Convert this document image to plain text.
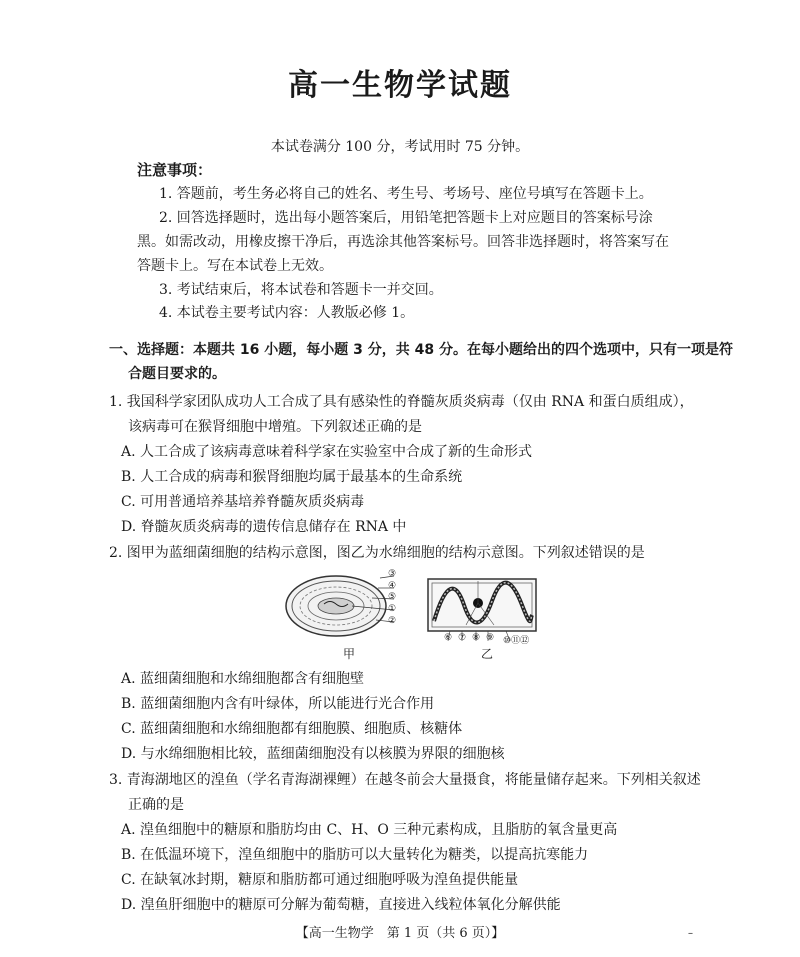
高一生物学试题
本试卷满分 100 分，考试用时 75 分钟。
注意事项：
1. 答题前，考生务必将自己的姓名、考生号、考场号、座位号填写在答题卡上。
2. 回答选择题时，选出每小题答案后，用铅笔把答题卡上对应题目的答案标号涂
黑。如需改动，用橡皮擦干净后，再选涂其他答案标号。回答非选择题时，将答案写在
答题卡上。写在本试卷上无效。
3. 考试结束后，将本试卷和答题卡一并交回。
4. 本试卷主要考试内容：人教版必修 1。
一、选择题：本题共 16 小题，每小题 3 分，共 48 分。在每小题给出的四个选项中，只有一项是符
合题目要求的。
1. 我国科学家团队成功人工合成了具有感染性的脊髓灰质炎病毒（仅由 RNA 和蛋白质组成），
该病毒可在猴肾细胞中增殖。下列叙述正确的是
A. 人工合成了该病毒意味着科学家在实验室中合成了新的生命形式
B. 人工合成的病毒和猴肾细胞均属于最基本的生命系统
C. 可用普通培养基培养脊髓灰质炎病毒
D. 脊髓灰质炎病毒的遗传信息储存在 RNA 中
2. 图甲为蓝细菌细胞的结构示意图，图乙为水绵细胞的结构示意图。下列叙述错误的是
③
④
⑤
①
②
甲
⑥ ⑦ ⑧ ⑨ ⑩⑪⑫
乙
A. 蓝细菌细胞和水绵细胞都含有细胞壁
B. 蓝细菌细胞内含有叶绿体，所以能进行光合作用
C. 蓝细菌细胞和水绵细胞都有细胞膜、细胞质、核糖体
D. 与水绵细胞相比较，蓝细菌细胞没有以核膜为界限的细胞核
3. 青海湖地区的湟鱼（学名青海湖裸鲤）在越冬前会大量摄食，将能量储存起来。下列相关叙述
正确的是
A. 湟鱼细胞中的糖原和脂肪均由 C、H、O 三种元素构成，且脂肪的氧含量更高
B. 在低温环境下，湟鱼细胞中的脂肪可以大量转化为糖类，以提高抗寒能力
C. 在缺氧冰封期，糖原和脂肪都可通过细胞呼吸为湟鱼提供能量
D. 湟鱼肝细胞中的糖原可分解为葡萄糖，直接进入线粒体氧化分解供能
【高一生物学　第 1 页（共 6 页）】	–
